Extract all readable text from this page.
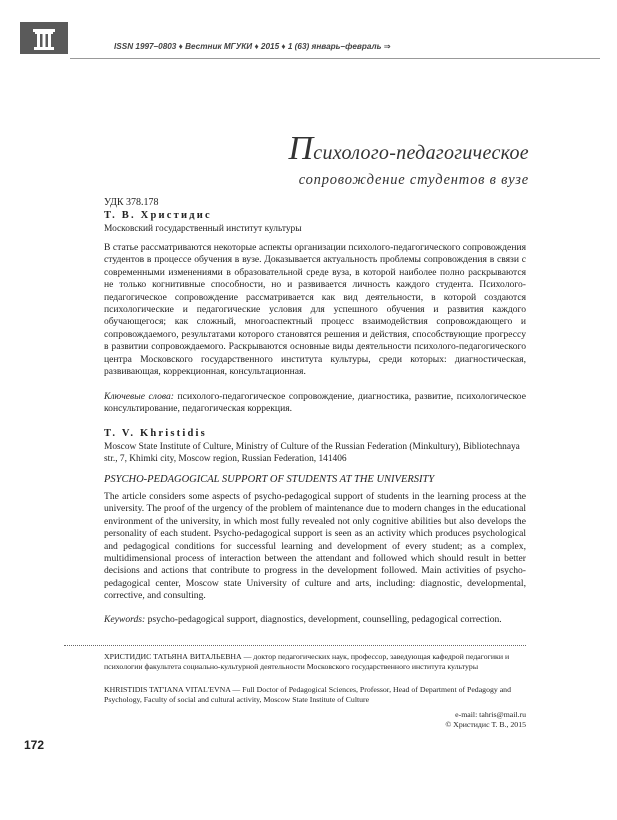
ISSN 1997–0803 ♦ Вестник МГУКИ ♦ 2015 ♦ 1 (63) январь–февраль ⇒
Психолого-педагогическое
сопровождение студентов в вузе
УДК 378.178
Т. В. Христидис
Московский государственный институт культуры
В статье рассматриваются некоторые аспекты организации психолого-педагогического сопровождения студентов в процессе обучения в вузе. Доказывается актуальность проблемы сопровождения в связи с современными изменениями в образовательной среде вуза, в которой наиболее полно раскрываются не только когнитивные способности, но и развивается личность каждого студента. Психолого-педагогическое сопровождение рассматривается как вид деятельности, в которой создаются психологические и педагогические условия для успешного обучения и развития каждого обучающегося; как сложный, многоаспектный процесс взаимодействия сопровождающего и сопровождаемого, результатами которого становятся решения и действия, способствующие прогрессу в развитии сопровождаемого. Раскрываются основные виды деятельности психолого-педагогического центра Московского государственного института культуры, среди которых: диагностическая, развивающая, коррекционная, консультационная.
Ключевые слова: психолого-педагогическое сопровождение, диагностика, развитие, психологическое консультирование, педагогическая коррекция.
T. V. Khristidis
Moscow State Institute of Culture, Ministry of Culture of the Russian Federation (Minkultury), Bibliotechnaya str., 7, Khimki city, Moscow region, Russian Federation, 141406
PSYCHO-PEDAGOGICAL SUPPORT OF STUDENTS AT THE UNIVERSITY
The article considers some aspects of psycho-pedagogical support of students in the learning process at the university. The proof of the urgency of the problem of maintenance due to modern changes in the educational environment of the university, in which most fully revealed not only cognitive abilities but also develops the personality of each student. Psycho-pedagogical support is seen as an activity which produces psychological and pedagogical conditions for successful learning and development of every student; as a complex, multidimensional process of interaction between the attendant and followed which should result in better decisions and actions that contribute to progress in the development followed. Main activities of psycho-pedagogical center, Moscow state University of culture and arts, including: diagnostic, developmental, corrective, and consulting.
Keywords: psycho-pedagogical support, diagnostics, development, counselling, pedagogical correction.
ХРИСТИДИС ТАТЬЯНА ВИТАЛЬЕВНА — доктор педагогических наук, профессор, заведующая кафедрой педагогики и психологии факультета социально-культурной деятельности Московского государственного института культуры
KHRISTIDIS TAT'IANA VITAL'EVNA — Full Doctor of Pedagogical Sciences, Professor, Head of Department of Pedagogy and Psychology, Faculty of social and cultural activity, Moscow State Institute of Culture
e-mail: tahris@mail.ru
© Христидис Т. В., 2015
172
